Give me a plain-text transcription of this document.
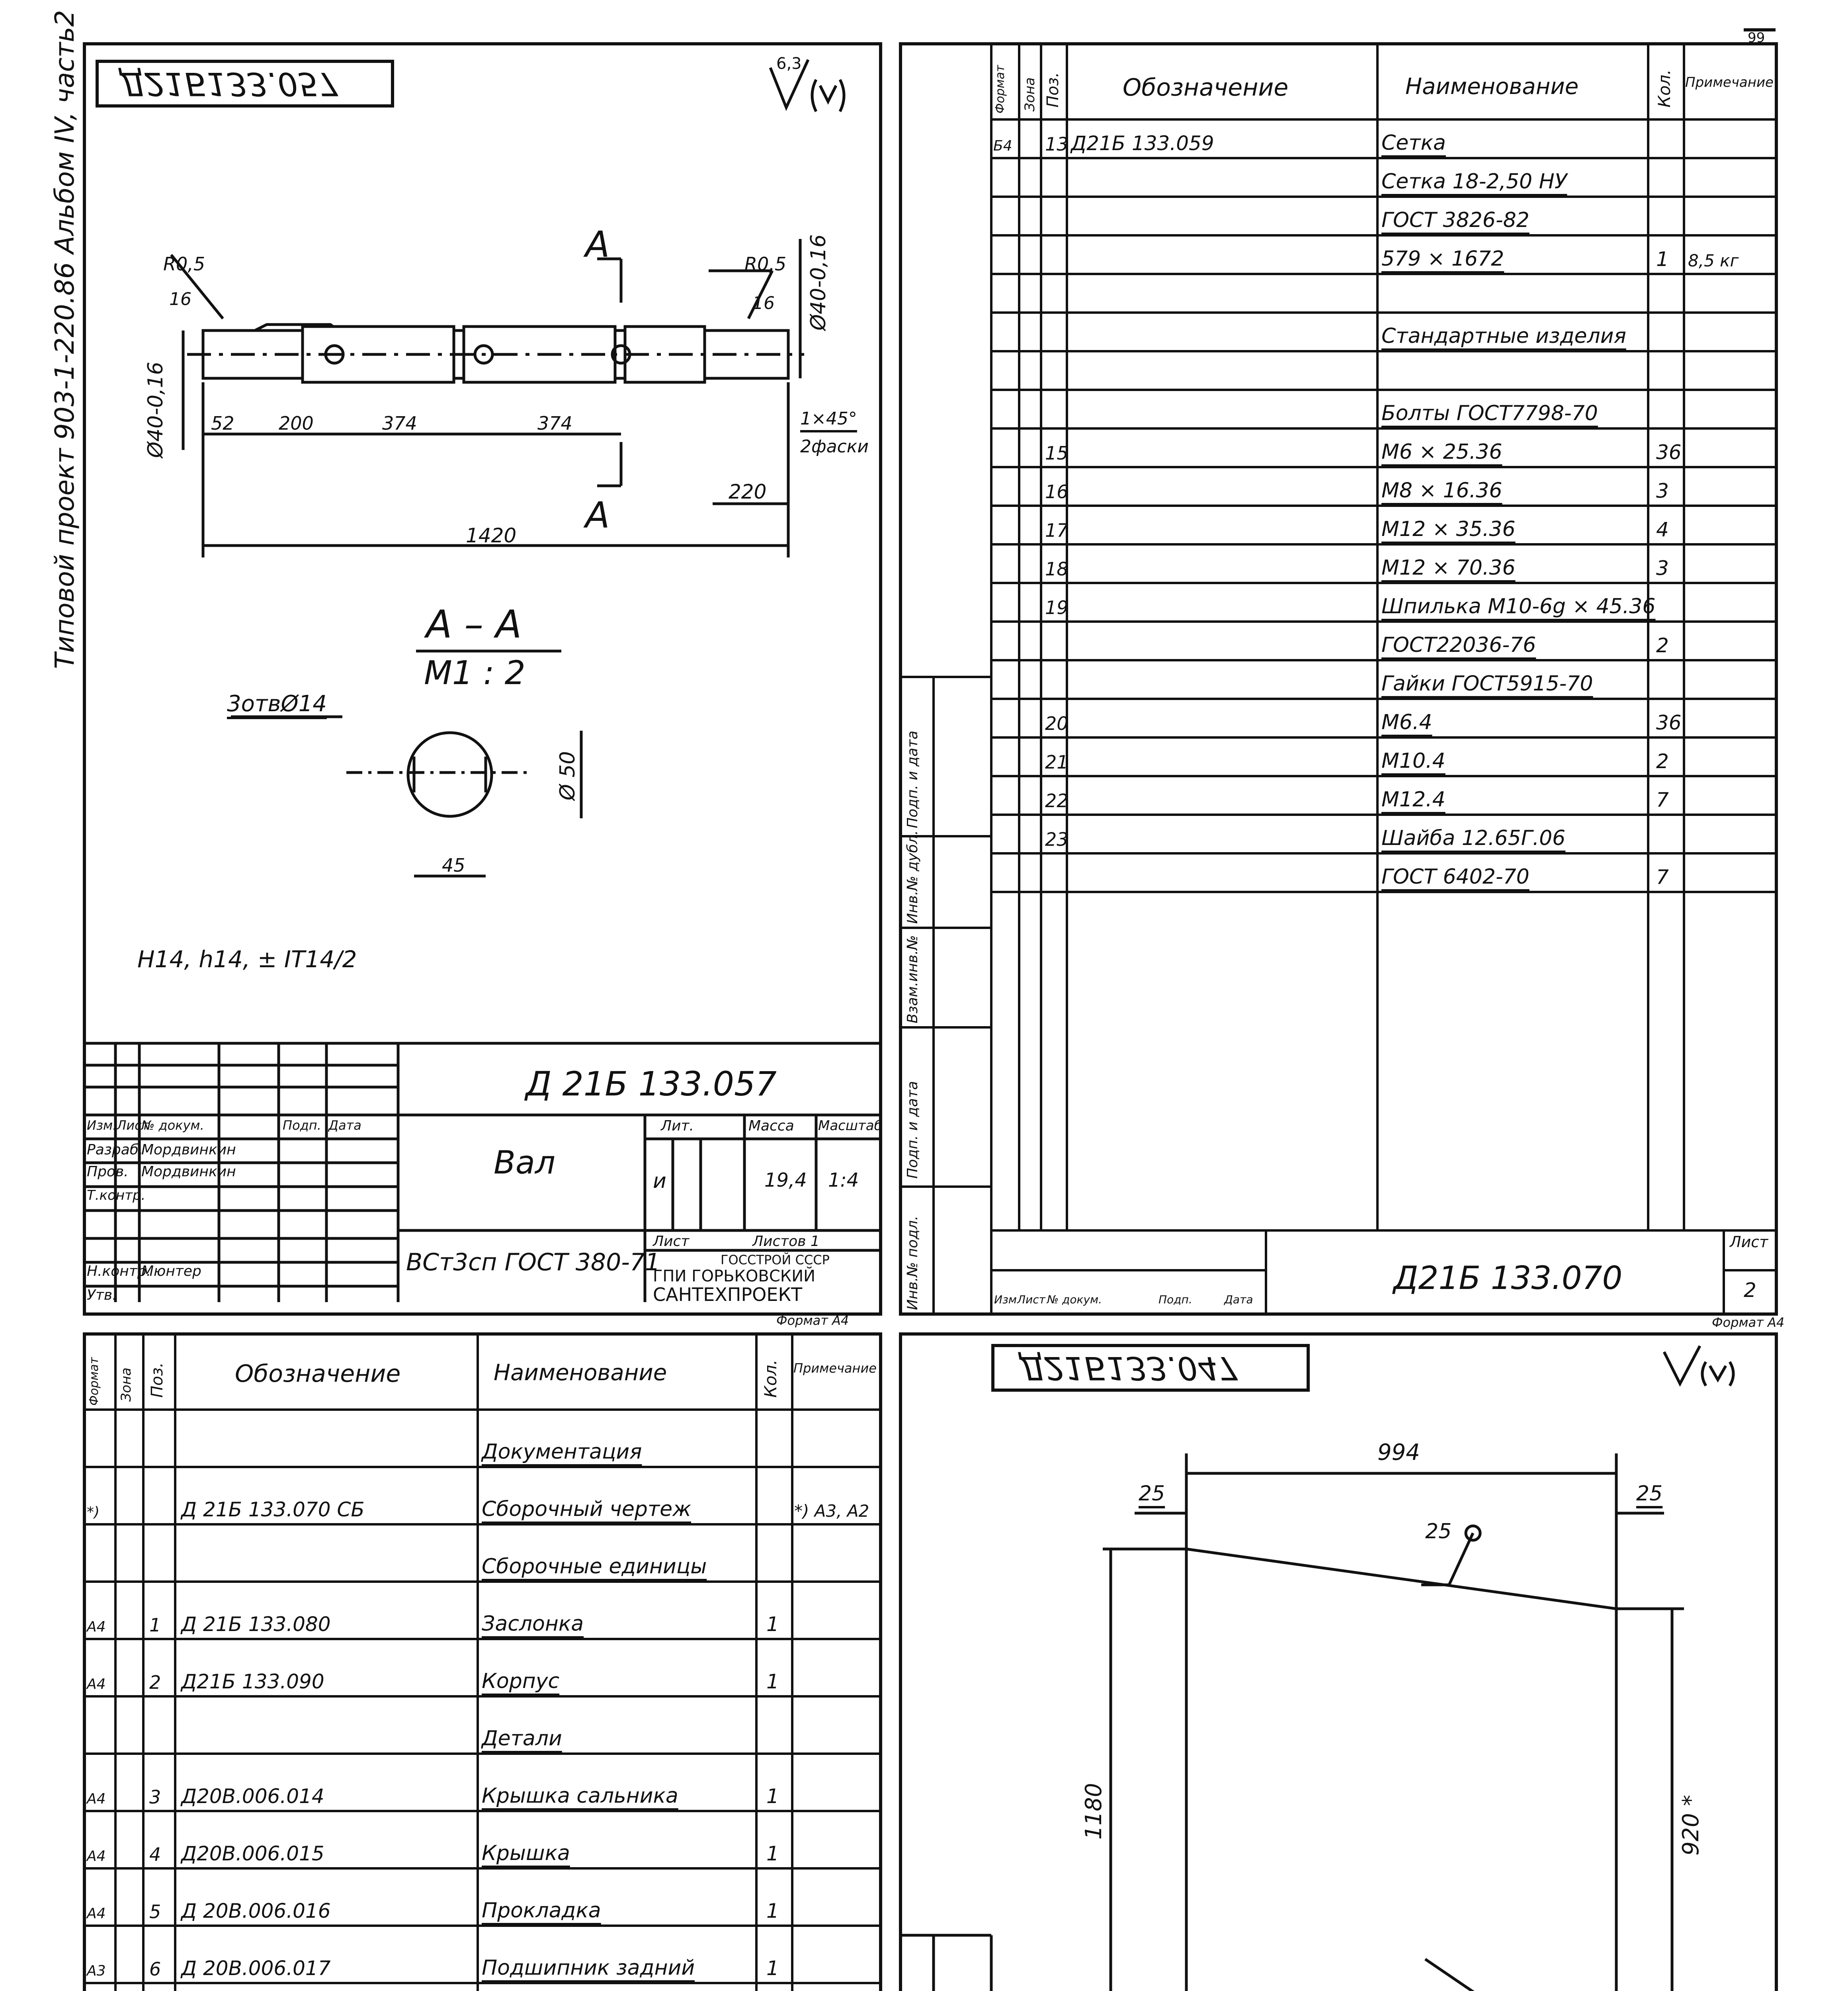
99
Типовой проект 903-1-220.86 Альбом IV, часть2 Д21Б133.057
6,3
А
А
R0,5	R0,5
16	16
Ø40-0,16
Ø40-0,16
52 200	374	374	1×45°
2фаски
220
1420
А – А
М1 : 2
3отвØ14
Ø 50
45
H14, h14, ± IT14/2
Д 21Б 133.057
Вал
ВСт3сп ГОСТ 380-71
Лит.	Масса Масштаб
и	19,4 1:4
Лист	Листов 1
ГОССТРОЙ СССР
ГПИ ГОРЬКОВСКИЙ
САНТЕХПРОЕКТ
Формат А4
Изм.Лист
№ докум.	Подп. Дата
Разраб.
Мордвинкин
Пров. Мордвинкин
Т.контр.
Н.контр.
Мюнтер
Утв.
Формат Зона Поз.	Обозначение	Наименование	Кол. Примечание
Б4 13 Д21Б 133.059	Сетка
Сетка 18-2,50 НУ
ГОСТ 3826-82
579 × 1672	1 8,5 кг
Стандартные изделия
Болты ГОСТ7798-70
15	М6 × 25.36	36
16	М8 × 16.36	3
17	М12 × 35.36	4
18	М12 × 70.36	3
19	Шпилька М10-6g × 45.36
ГОСТ22036-76	2
Гайки ГОСТ5915-70
20	М6.4	36
21	М10.4	2
22	М12.4	7
23	Шайба 12.65Г.06
ГОСТ 6402-70	7
Подп. и дата
Инв.№ дубл.
Взам.инв.№
Подп. и дата
Инв.№ подл.	Д21Б 133.070
Лист
2
Изм Лист № докум.	Подп.	Дата
Формат А4
Формат Зона Поз.	Обозначение	Наименование	Кол. Примечание
Документация
*)	Д 21Б 133.070 СБ	Сборочный чертеж	*) А3, А2
Сборочные единицы
А4 1 Д 21Б 133.080	Заслонка	1
А4 2 Д21Б 133.090	Корпус	1
Детали
А4 3 Д20В.006.014	Крышка сальника	1
А4 4 Д20В.006.015	Крышка	1
А4 5 Д 20В.006.016	Прокладка	1
А3 6 Д 20В.006.017	Подшипник задний	1
Д21Б133.047
994
25	25
25
1180	920 *
